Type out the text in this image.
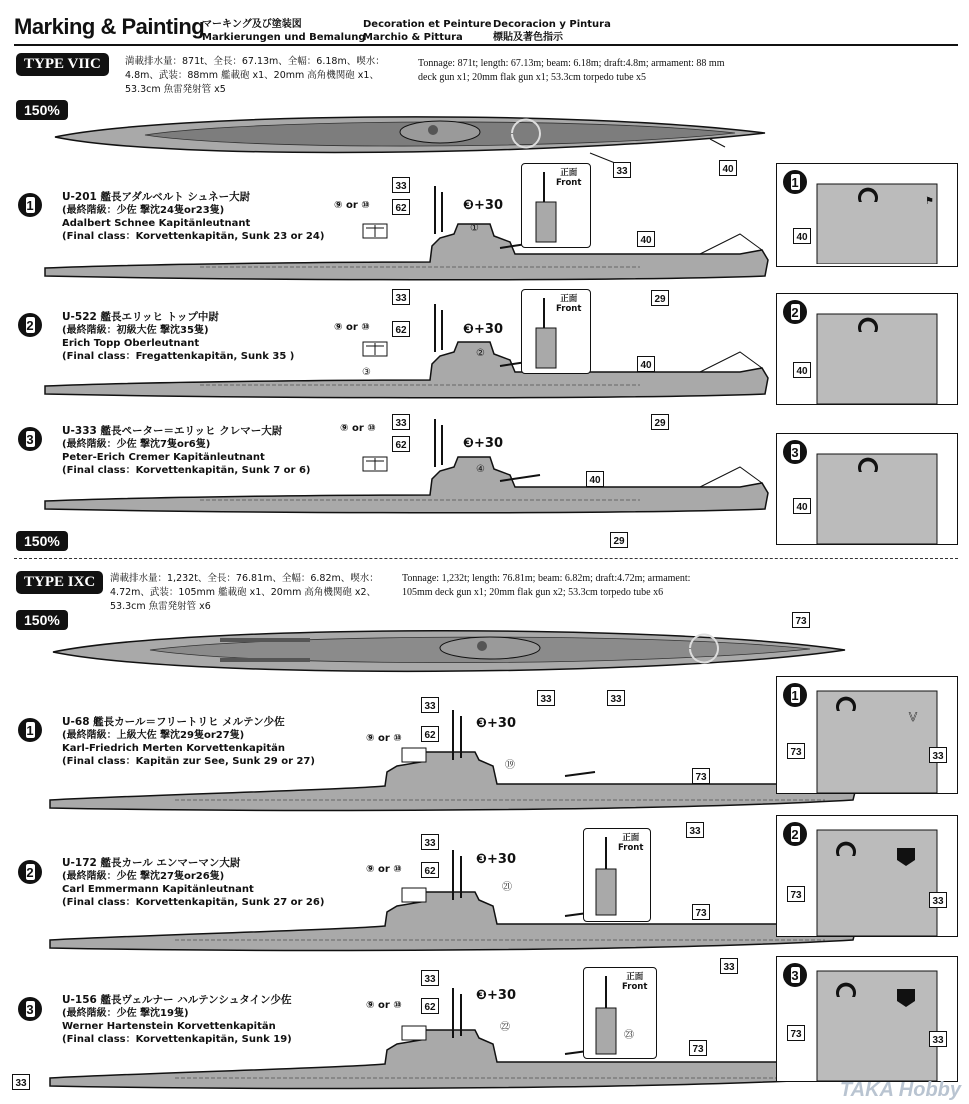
Marking & Painting
マーキング及び塗装図
Markierungen und Bemalung
Decoration et Peinture
Marchio & Pittura
Decoracion y Pintura
標貼及著色指示
TYPE VIIC	満載排水量：871t、全長：67.13m、全幅：6.18m、喫水：
4.8m、武装：88mm 艦載砲 x1、20mm 高角機関砲 x1、
53.3cm 魚雷発射管 x5
Tonnage: 871t; length: 67.13m; beam: 6.18m; draft:4.8m; armament: 88 mm
deck gun x1; 20mm flak gun x1; 53.3cm torpedo tube x5
150%
33	40
1
U-201 艦長アダルベルト シュネー大尉
(最終階級：少佐 撃沈24隻or23隻)
Adalbert Schnee Kapitänleutnant
(Final class：Korvettenkapitän, Sunk 23 or 24)
⑨ or ⑩
33
62	❸+30
①
40
29
正面
Front	1
⚑
40
2
U-522 艦長エリッヒ トップ中尉
(最終階級：初級大佐 撃沈35隻)
Erich Topp Oberleutnant
(Final class：Fregattenkapitän, Sunk 35 )
⑨ or ⑩
33
62	❸+30
②
③
40
29
正面
Front	2
40
3
U-333 艦長ペーター＝エリッヒ クレマー大尉
(最終階級：少佐 撃沈7隻or6隻)
Peter-Erich Cremer Kapitänleutnant
(Final class：Korvettenkapitän, Sunk 7 or 6)
⑨ or ⑩ 33
62	❸+30
④
40
29
3
40
150%
TYPE IXC	満載排水量：1,232t、全長：76.81m、全幅：6.82m、喫水：
4.72m、武装：105mm 艦載砲 x1、20mm 高角機関砲 x2、
53.3cm 魚雷発射管 x6
Tonnage: 1,232t; length: 76.81m; beam: 6.82m; draft:4.72m; armament:
105mm deck gun x1; 20mm flak gun x2; 53.3cm torpedo tube x6
150%	73
33	33
1
U-68 艦長カール＝フリートリヒ メルテン少佐
(最終階級：上級大佐 撃沈29隻or27隻)
Karl-Friedrich Merten Korvettenkapitän
(Final class：Kapitän zur See, Sunk 29 or 27)
⑨ or ⑩
33
62
❸+30
⑲
73
33
1
V
73	33
2
U-172 艦長カール エンマーマン大尉
(最終階級：少佐 撃沈27隻or26隻)
Carl Emmermann Kapitänleutnant
(Final class：Korvettenkapitän, Sunk 27 or 26)
⑨ or ⑩
33
62
❸+30
㉑
73
33
正面
Front
2
73
33
3
U-156 艦長ヴェルナー ハルテンシュタイン少佐
(最終階級：少佐 撃沈19隻)
Werner Hartenstein Korvettenkapitän
(Final class：Korvettenkapitän, Sunk 19)
⑨ or ⑩
33
62
❸+30
㉒
73
正面
Front
㉓
3
73
33
33	TAKA Hobby
